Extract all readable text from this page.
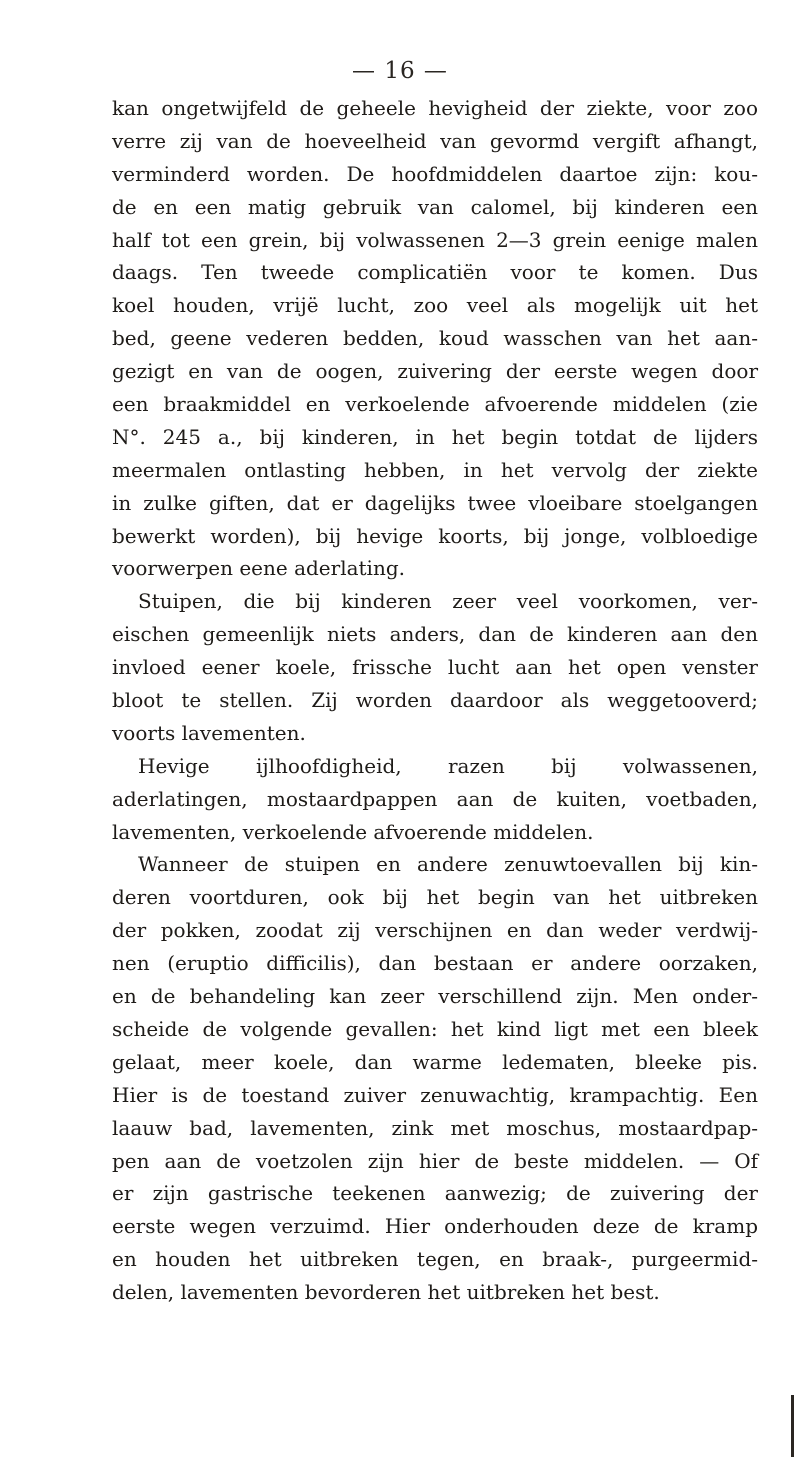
— 16 —
kan ongetwijfeld de geheele hevigheid der ziekte, voor zoo
verre zij van de hoeveelheid van gevormd vergift afhangt,
verminderd worden. De hoofdmiddelen daartoe zijn: kou-
de en een matig gebruik van calomel, bij kinderen een
half tot een grein, bij volwassenen 2—3 grein eenige malen
daags. Ten tweede complicatiën voor te komen. Dus
koel houden, vrijë lucht, zoo veel als mogelijk uit het
bed, geene vederen bedden, koud wasschen van het aan-
gezigt en van de oogen, zuivering der eerste wegen door
een braakmiddel en verkoelende afvoerende middelen (zie
N°. 245 a., bij kinderen, in het begin totdat de lijders
meermalen ontlasting hebben, in het vervolg der ziekte
in zulke giften, dat er dagelijks twee vloeibare stoelgangen
bewerkt worden), bij hevige koorts, bij jonge, volbloedige
voorwerpen eene aderlating.
Stuipen, die bij kinderen zeer veel voorkomen, ver-
eischen gemeenlijk niets anders, dan de kinderen aan den
invloed eener koele, frissche lucht aan het open venster
bloot te stellen. Zij worden daardoor als weggetooverd;
voorts lavementen.
Hevige ijlhoofdigheid, razen bij volwassenen,
aderlatingen, mostaardpappen aan de kuiten, voetbaden,
lavementen, verkoelende afvoerende middelen.
Wanneer de stuipen en andere zenuwtoevallen bij kin-
deren voortduren, ook bij het begin van het uitbreken
der pokken, zoodat zij verschijnen en dan weder verdwij-
nen (eruptio difficilis), dan bestaan er andere oorzaken,
en de behandeling kan zeer verschillend zijn. Men onder-
scheide de volgende gevallen: het kind ligt met een bleek
gelaat, meer koele, dan warme ledematen, bleeke pis.
Hier is de toestand zuiver zenuwachtig, krampachtig. Een
laauw bad, lavementen, zink met moschus, mostaardpap-
pen aan de voetzolen zijn hier de beste middelen. — Of
er zijn gastrische teekenen aanwezig; de zuivering der
eerste wegen verzuimd. Hier onderhouden deze de kramp
en houden het uitbreken tegen, en braak-, purgeermid-
delen, lavementen bevorderen het uitbreken het best.
